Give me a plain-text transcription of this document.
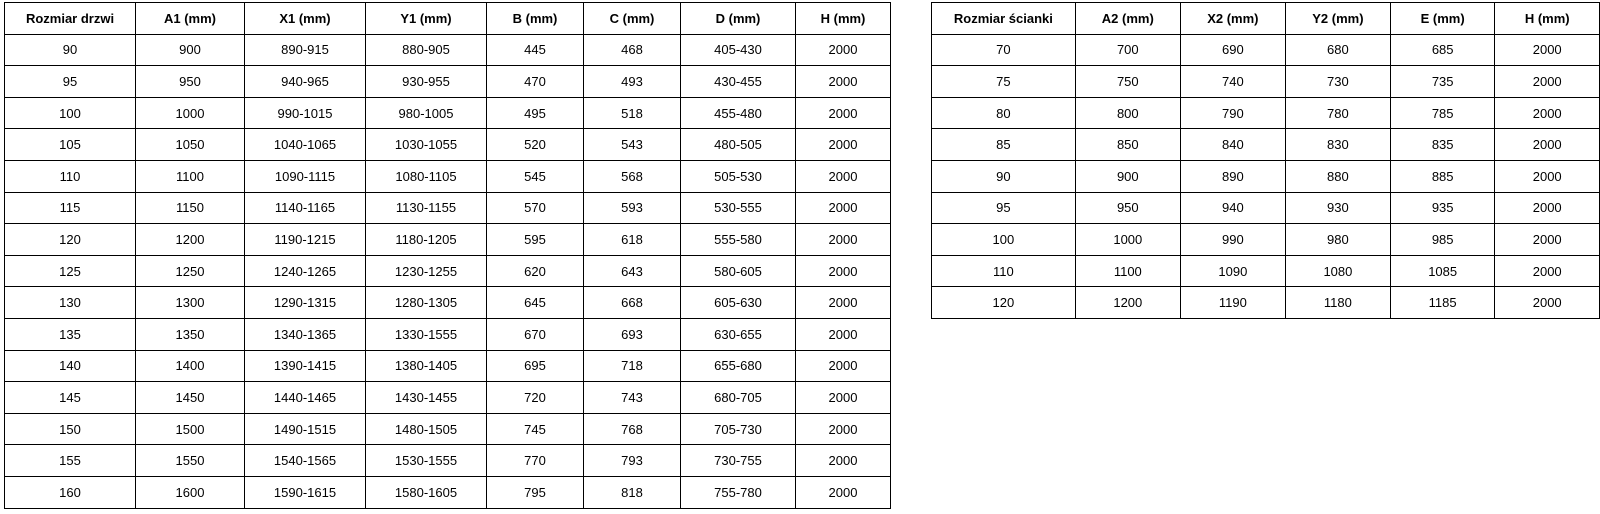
Rozmiar drzwi	A1 (mm)	X1 (mm)	Y1 (mm)	B (mm)	C (mm)	D (mm)	H (mm)
90	900	890-915	880-905	445	468	405-430	2000
95	950	940-965	930-955	470	493	430-455	2000
100	1000	990-1015	980-1005	495	518	455-480	2000
105	1050	1040-1065	1030-1055	520	543	480-505	2000
110	1100	1090-1115	1080-1105	545	568	505-530	2000
115	1150	1140-1165	1130-1155	570	593	530-555	2000
120	1200	1190-1215	1180-1205	595	618	555-580	2000
125	1250	1240-1265	1230-1255	620	643	580-605	2000
130	1300	1290-1315	1280-1305	645	668	605-630	2000
135	1350	1340-1365	1330-1555	670	693	630-655	2000
140	1400	1390-1415	1380-1405	695	718	655-680	2000
145	1450	1440-1465	1430-1455	720	743	680-705	2000
150	1500	1490-1515	1480-1505	745	768	705-730	2000
155	1550	1540-1565	1530-1555	770	793	730-755	2000
160	1600	1590-1615	1580-1605	795	818	755-780	2000
Rozmiar ścianki	A2 (mm)	X2 (mm)	Y2 (mm)	E (mm)	H (mm)
70	700	690	680	685	2000
75	750	740	730	735	2000
80	800	790	780	785	2000
85	850	840	830	835	2000
90	900	890	880	885	2000
95	950	940	930	935	2000
100	1000	990	980	985	2000
110	1100	1090	1080	1085	2000
120	1200	1190	1180	1185	2000
